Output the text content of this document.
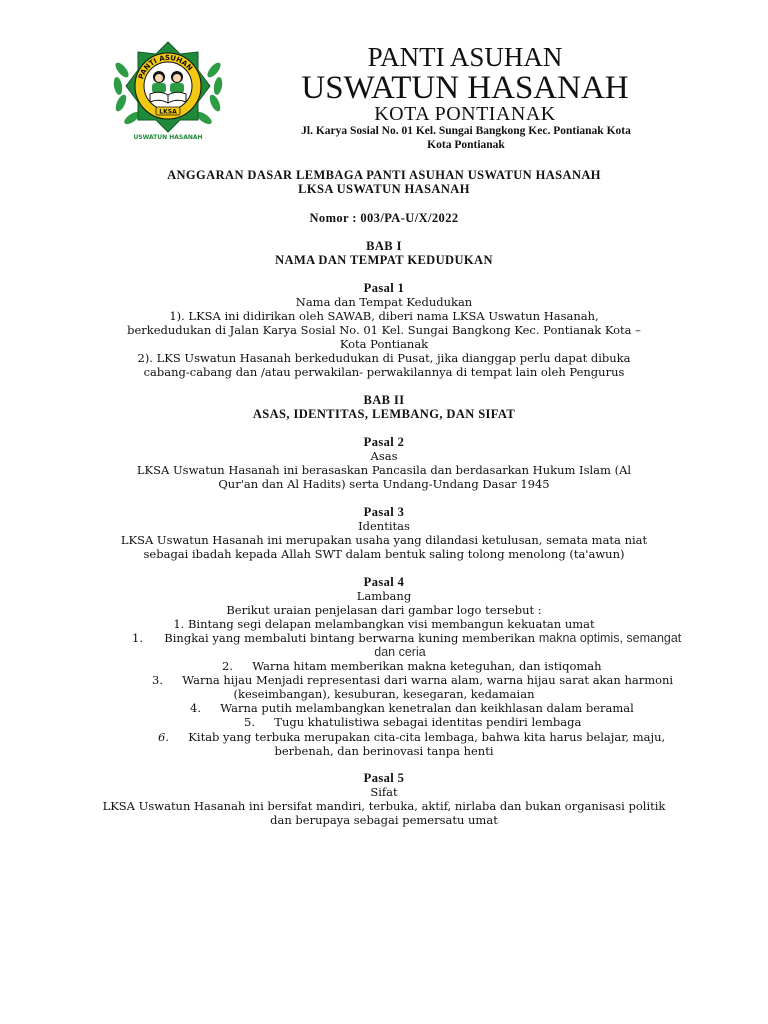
PANTI ASUHAN
LKSA
PANTI ASUHAN
USWATUN HASANAH
KOTA PONTIANAK
Jl. Karya Sosial No. 01 Kel. Sungai Bangkong Kec. Pontianak Kota
Kota Pontianak
ANGGARAN DASAR LEMBAGA PANTI ASUHAN USWATUN HASANAH
LKSA USWATUN HASANAH
Nomor : 003/PA-U/X/2022
BAB I
NAMA DAN TEMPAT KEDUDUKAN
Pasal 1
Nama dan Tempat Kedudukan
1). LKSA ini didirikan oleh SAWAB, diberi nama LKSA Uswatun Hasanah,
berkedudukan di Jalan Karya Sosial No. 01 Kel. Sungai Bangkong Kec. Pontianak Kota –
Kota Pontianak
2). LKS Uswatun Hasanah berkedudukan di Pusat, jika dianggap perlu dapat dibuka
cabang-cabang dan /atau perwakilan- perwakilannya di tempat lain oleh Pengurus
BAB II
ASAS, IDENTITAS, LEMBANG, DAN SIFAT
Pasal 2
Asas
LKSA Uswatun Hasanah ini berasaskan Pancasila dan berdasarkan Hukum Islam (Al
Qur'an dan Al Hadits) serta Undang-Undang Dasar 1945
Pasal 3
Identitas
LKSA Uswatun Hasanah ini merupakan usaha yang dilandasi ketulusan, semata mata niat
sebagai ibadah kepada Allah SWT dalam bentuk saling tolong menolong (ta'awun)
Pasal 4
Lambang
Berikut uraian penjelasan dari gambar logo tersebut :
1. Bintang segi delapan melambangkan visi membangun kekuatan umat
1. Bingkai yang membaluti bintang berwarna kuning memberikan makna optimis, semangat
dan ceria
2. Warna hitam memberikan makna keteguhan, dan istiqomah
3. Warna hijau Menjadi representasi dari warna alam, warna hijau sarat akan harmoni
(keseimbangan), kesuburan, kesegaran, kedamaian
4. Warna putih melambangkan kenetralan dan keikhlasan dalam beramal
5. Tugu khatulistiwa sebagai identitas pendiri lembaga
6. Kitab yang terbuka merupakan cita-cita lembaga, bahwa kita harus belajar, maju,
berbenah, dan berinovasi tanpa henti
Pasal 5
Sifat
LKSA Uswatun Hasanah ini bersifat mandiri, terbuka, aktif, nirlaba dan bukan organisasi politik
dan berupaya sebagai pemersatu umat
USWATUN HASANAH
